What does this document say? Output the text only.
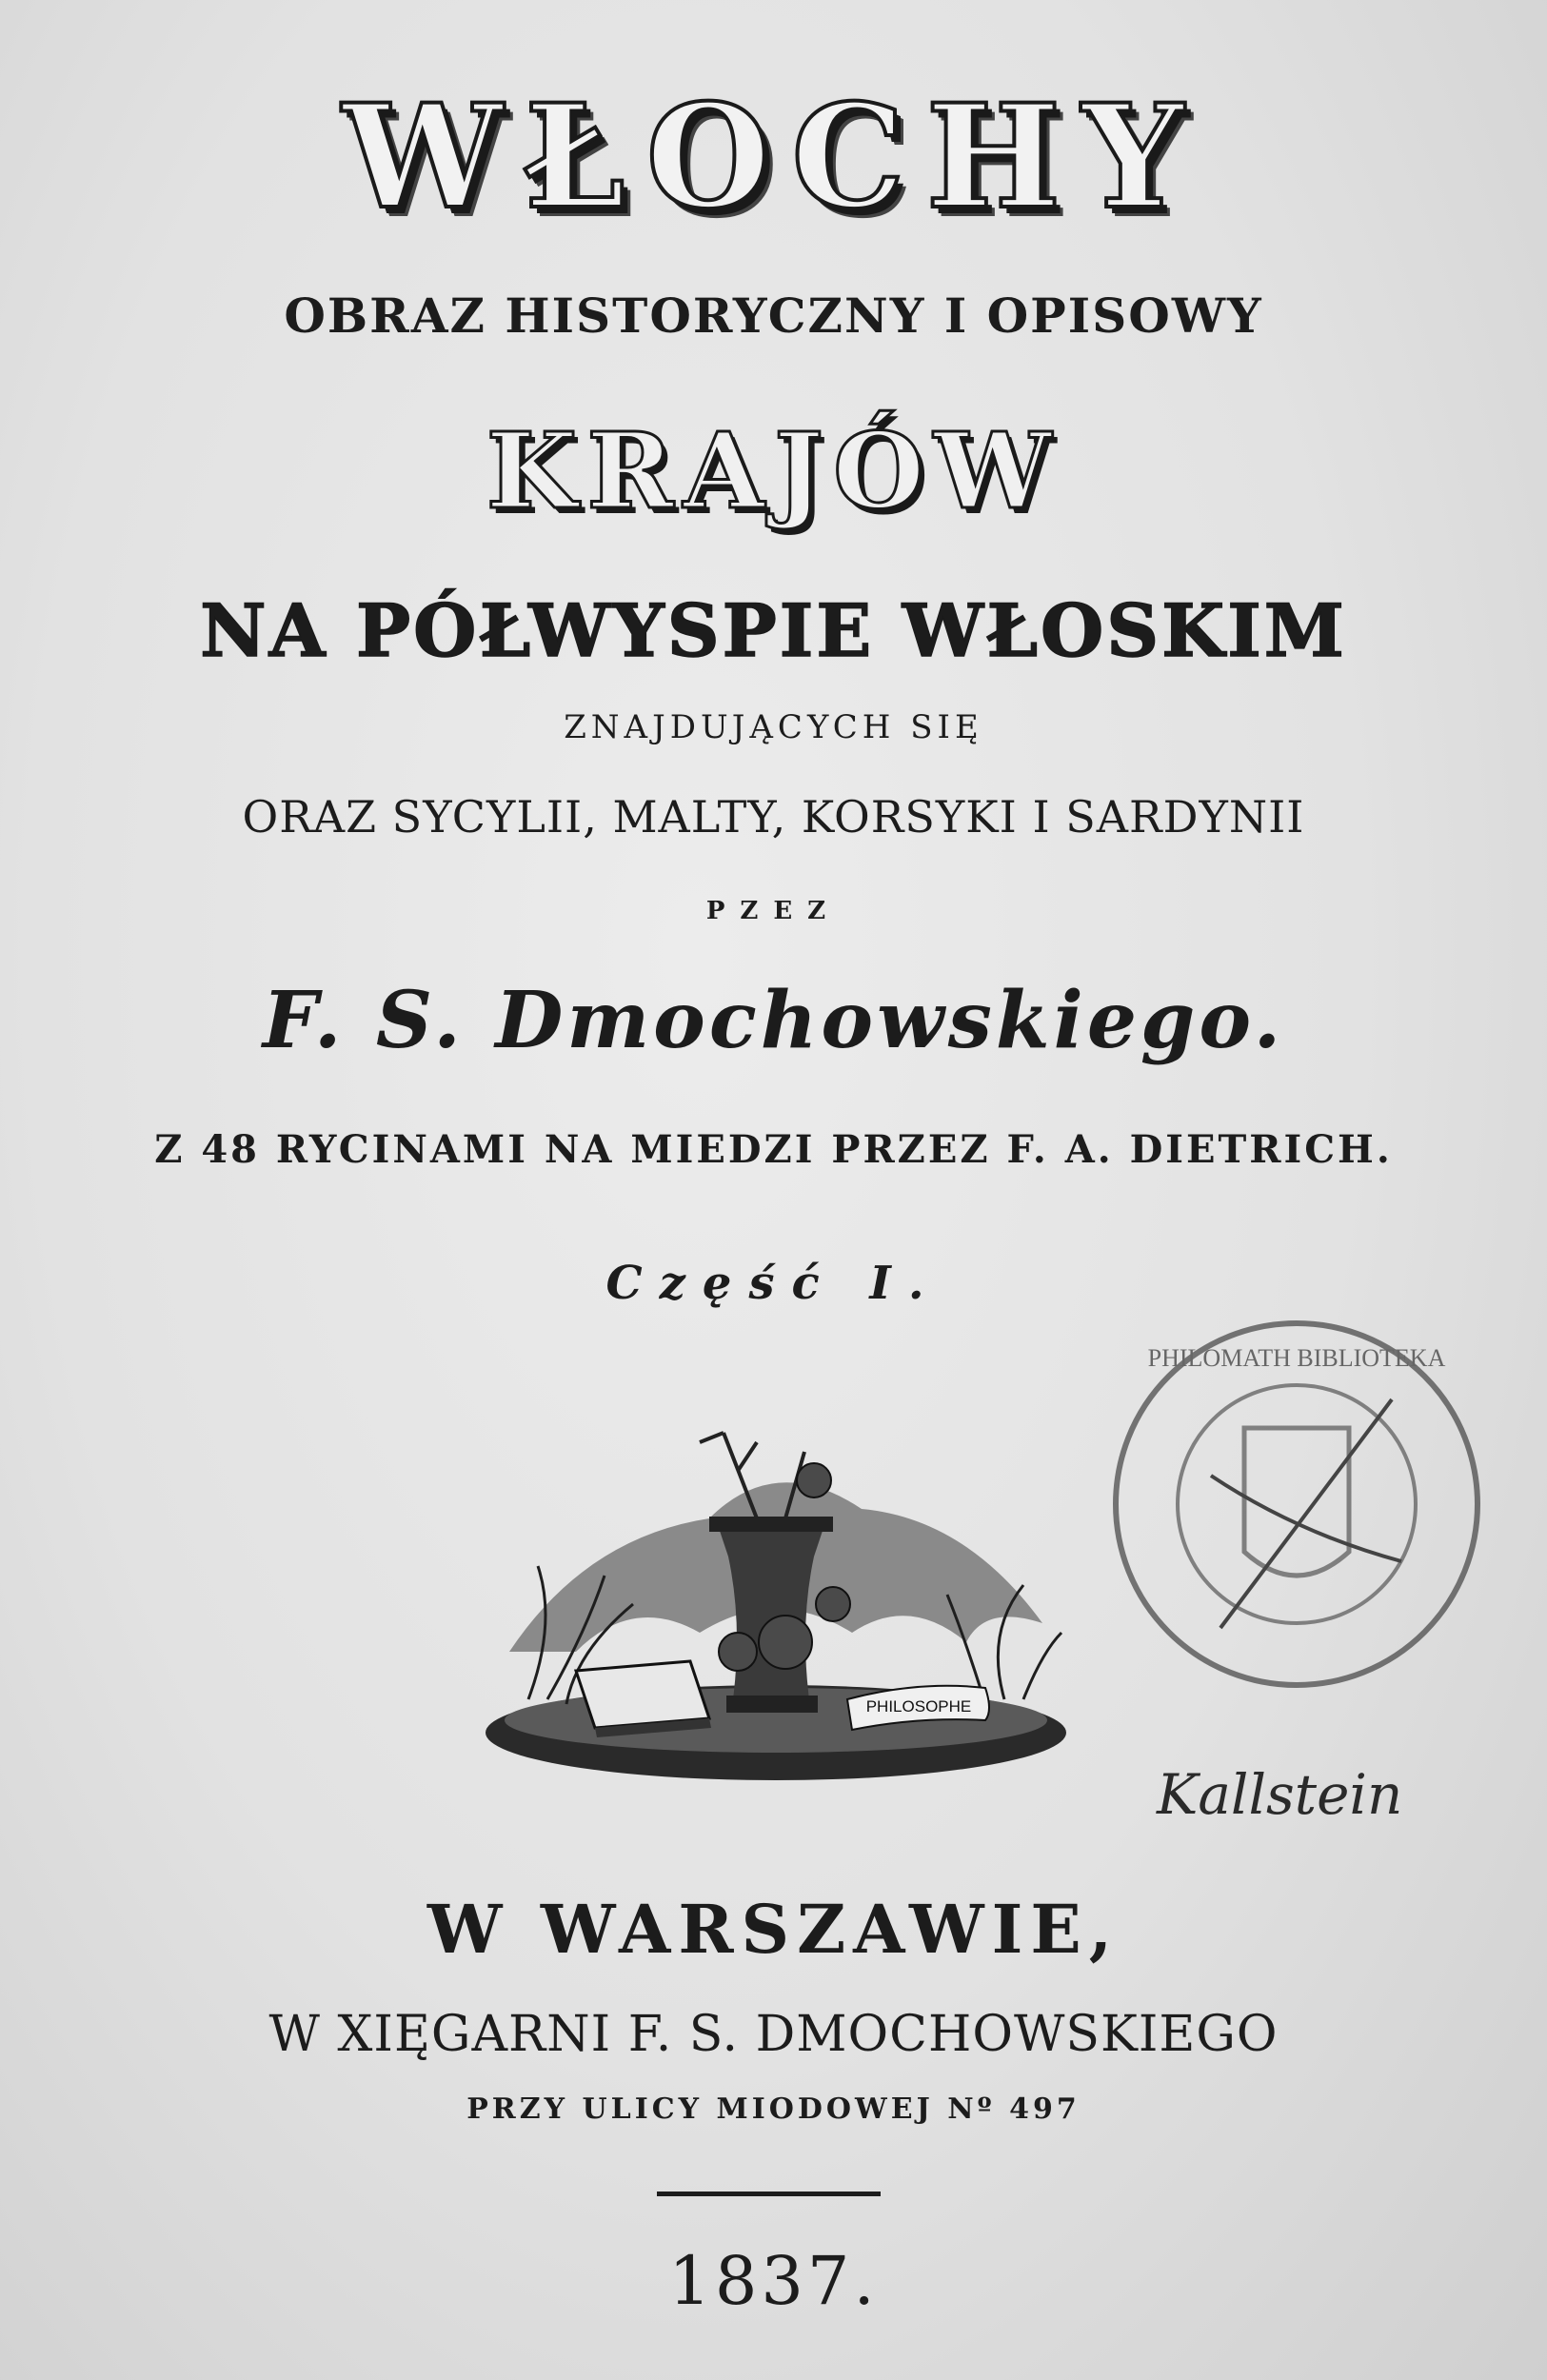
WŁOCHY
OBRAZ HISTORYCZNY I OPISOWY
KRAJÓW
NA PÓŁWYSPIE WŁOSKIM
ZNAJDUJĄCYCH SIĘ
ORAZ SYCYLII, MALTY, KORSYKI I SARDYNII
PZEZ
F. S. Dmochowskiego.
Z 48 RYCINAMI NA MIEDZI PRZEZ F. A. DIETRICH.
Część I.
PHILOSOPHE
PHILOMATH BIBLIOTEKA
Kallstein
W WARSZAWIE,
W XIĘGARNI F. S. DMOCHOWSKIEGO
PRZY ULICY MIODOWEJ Nº 497
1837.
